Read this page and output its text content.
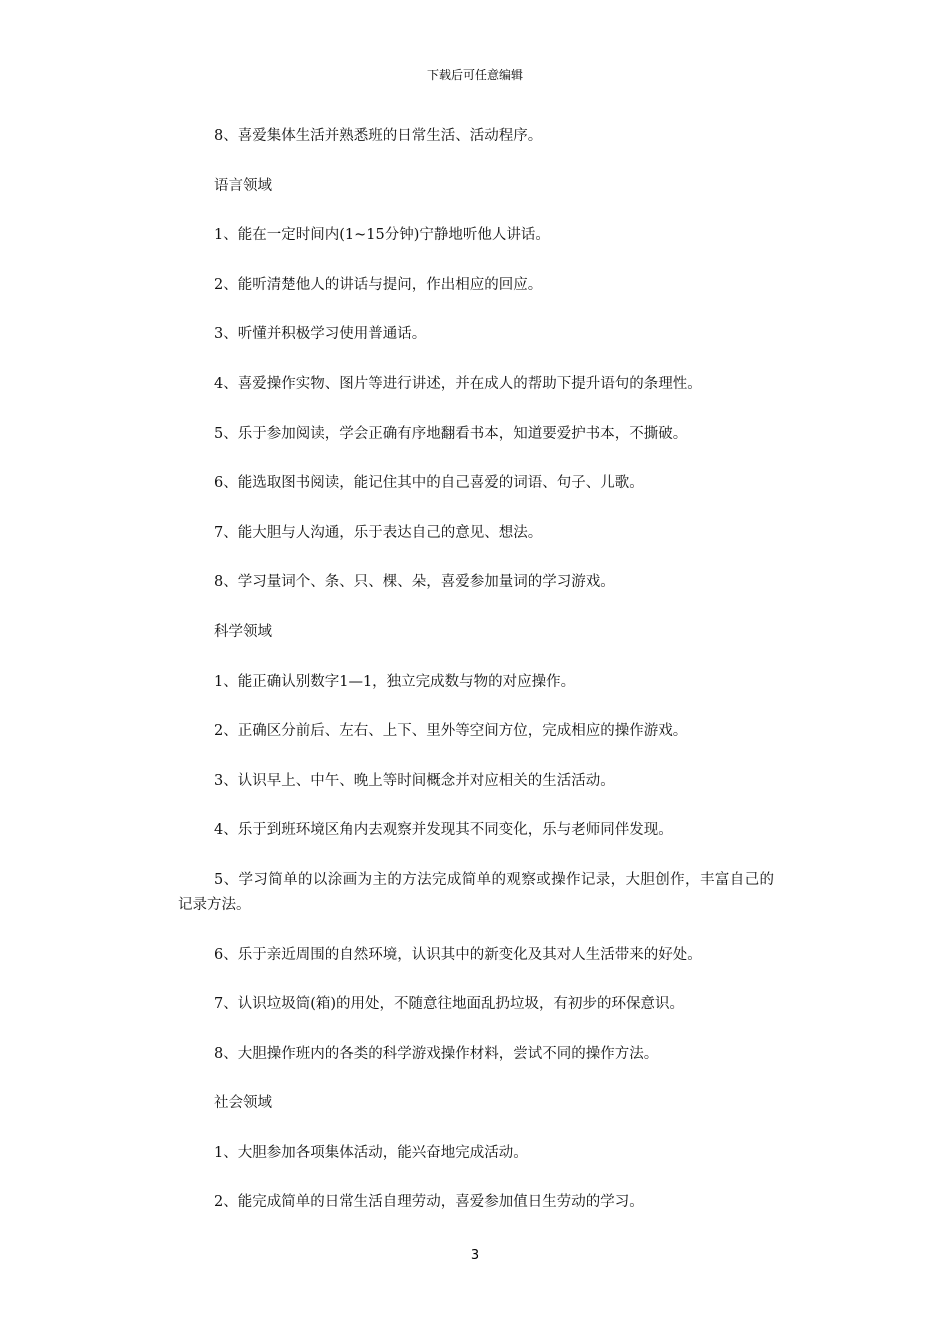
下载后可任意编辑

8、喜爱集体生活并熟悉班的日常生活、活动程序。

语言领域

1、能在一定时间内(1~15分钟)宁静地听他人讲话。

2、能听清楚他人的讲话与提问，作出相应的回应。

3、听懂并积极学习使用普通话。

4、喜爱操作实物、图片等进行讲述，并在成人的帮助下提升语句的条理性。

5、乐于参加阅读，学会正确有序地翻看书本，知道要爱护书本，不撕破。

6、能选取图书阅读，能记住其中的自己喜爱的词语、句子、儿歌。

7、能大胆与人沟通，乐于表达自己的意见、想法。

8、学习量词个、条、只、棵、朵，喜爱参加量词的学习游戏。

科学领域

1、能正确认别数字1—1，独立完成数与物的对应操作。

2、正确区分前后、左右、上下、里外等空间方位，完成相应的操作游戏。

3、认识早上、中午、晚上等时间概念并对应相关的生活活动。

4、乐于到班环境区角内去观察并发现其不同变化，乐与老师同伴发现。

5、学习简单的以涂画为主的方法完成简单的观察或操作记录，大胆创作，丰富自己的记录方法。

6、乐于亲近周围的自然环境，认识其中的新变化及其对人生活带来的好处。

7、认识垃圾筒(箱)的用处，不随意往地面乱扔垃圾，有初步的环保意识。

8、大胆操作班内的各类的科学游戏操作材料，尝试不同的操作方法。

社会领域

1、大胆参加各项集体活动，能兴奋地完成活动。

2、能完成简单的日常生活自理劳动，喜爱参加值日生劳动的学习。

3
